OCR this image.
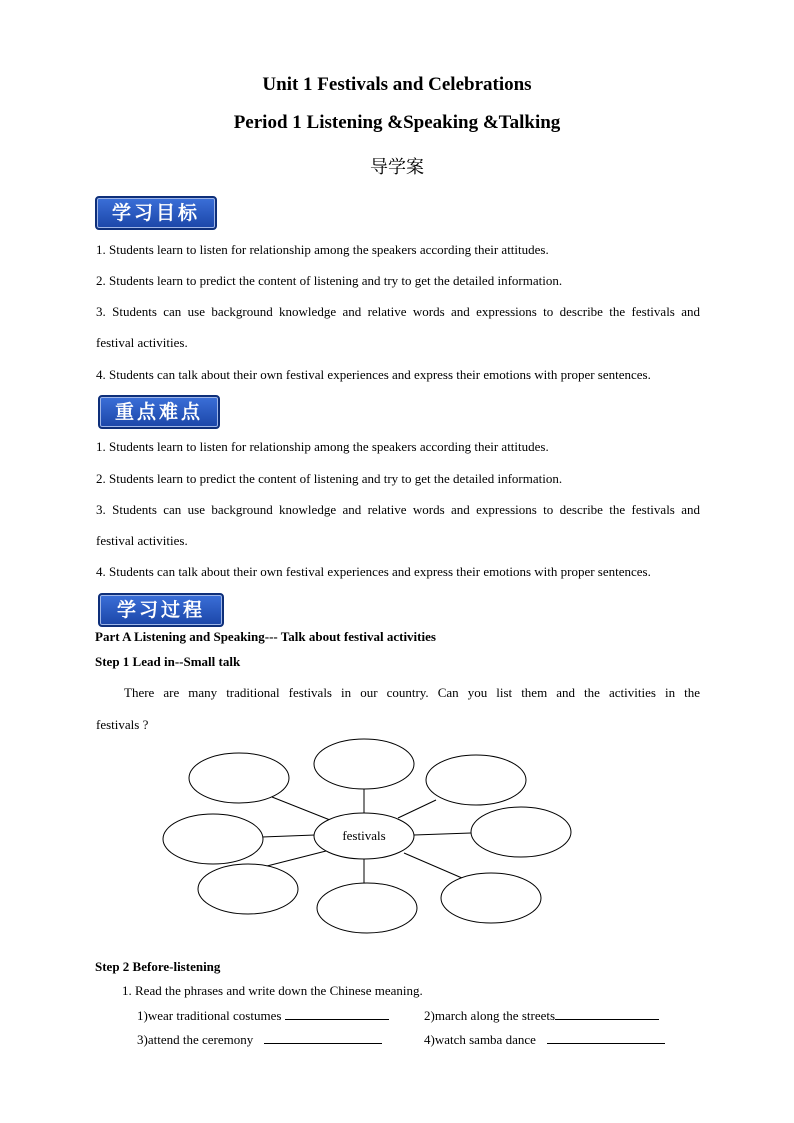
Unit 1 Festivals and Celebrations
Period 1 Listening &Speaking &Talking
导学案
学习目标
1. Students learn to listen for relationship among the speakers according their attitudes.
2. Students learn to predict the content of listening and try to get the detailed information.
3. Students can use background knowledge and relative words and expressions to describe the festivals and
festival activities.
4. Students can talk about their own festival experiences and express their emotions with proper sentences.
重点难点
1. Students learn to listen for relationship among the speakers according their attitudes.
2. Students learn to predict the content of listening and try to get the detailed information.
3. Students can use background knowledge and relative words and expressions to describe the festivals and
festival activities.
4. Students can talk about their own festival experiences and express their emotions with proper sentences.
学习过程
Part A Listening and Speaking--- Talk about festival activities
Step 1 Lead in--Small talk
There are many traditional festivals in our country. Can you list them and the activities in the
festivals ?
festivals
Step 2 Before-listening
1. Read the phrases and write down the Chinese meaning.
1)wear traditional costumes	2)march along the streets
3)attend the ceremony	4)watch samba dance
